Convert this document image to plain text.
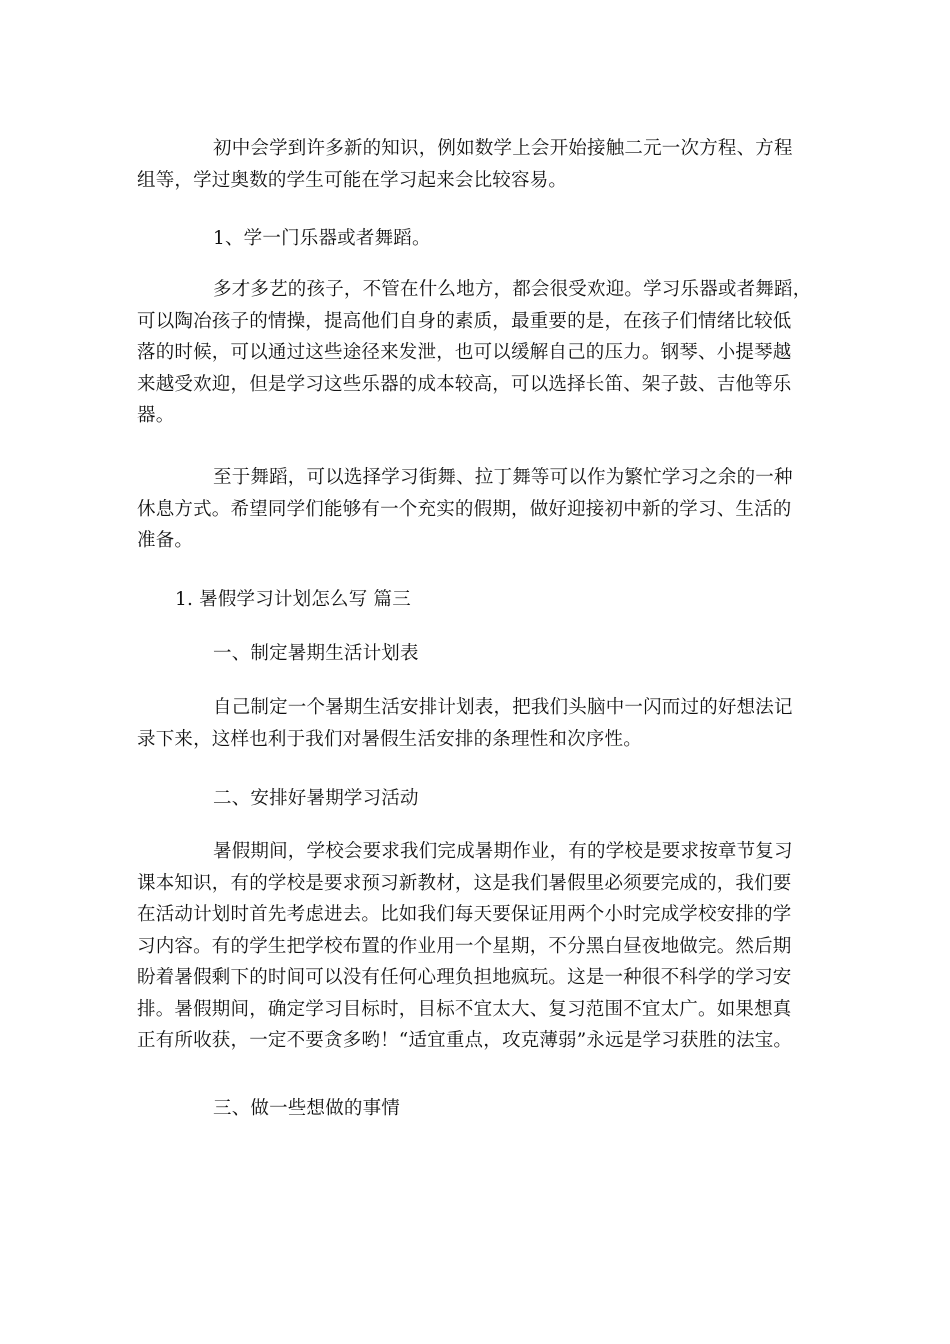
初中会学到许多新的知识，例如数学上会开始接触二元一次方程、方程
组等，学过奥数的学生可能在学习起来会比较容易。
1、学一门乐器或者舞蹈。
多才多艺的孩子，不管在什么地方，都会很受欢迎。学习乐器或者舞蹈，
可以陶冶孩子的情操，提高他们自身的素质，最重要的是，在孩子们情绪比较低
落的时候，可以通过这些途径来发泄，也可以缓解自己的压力。钢琴、小提琴越
来越受欢迎，但是学习这些乐器的成本较高，可以选择长笛、架子鼓、吉他等乐
器。
至于舞蹈，可以选择学习街舞、拉丁舞等可以作为繁忙学习之余的一种
休息方式。希望同学们能够有一个充实的假期，做好迎接初中新的学习、生活的
准备。
1. 暑假学习计划怎么写 篇三
一、制定暑期生活计划表
自己制定一个暑期生活安排计划表，把我们头脑中一闪而过的好想法记
录下来，这样也利于我们对暑假生活安排的条理性和次序性。
二、安排好暑期学习活动
暑假期间，学校会要求我们完成暑期作业，有的学校是要求按章节复习
课本知识，有的学校是要求预习新教材，这是我们暑假里必须要完成的，我们要
在活动计划时首先考虑进去。比如我们每天要保证用两个小时完成学校安排的学
习内容。有的学生把学校布置的作业用一个星期，不分黑白昼夜地做完。然后期
盼着暑假剩下的时间可以没有任何心理负担地疯玩。这是一种很不科学的学习安
排。暑假期间，确定学习目标时，目标不宜太大、复习范围不宜太广。如果想真
正有所收获，一定不要贪多哟！“适宜重点，攻克薄弱”永远是学习获胜的法宝。
三、做一些想做的事情
